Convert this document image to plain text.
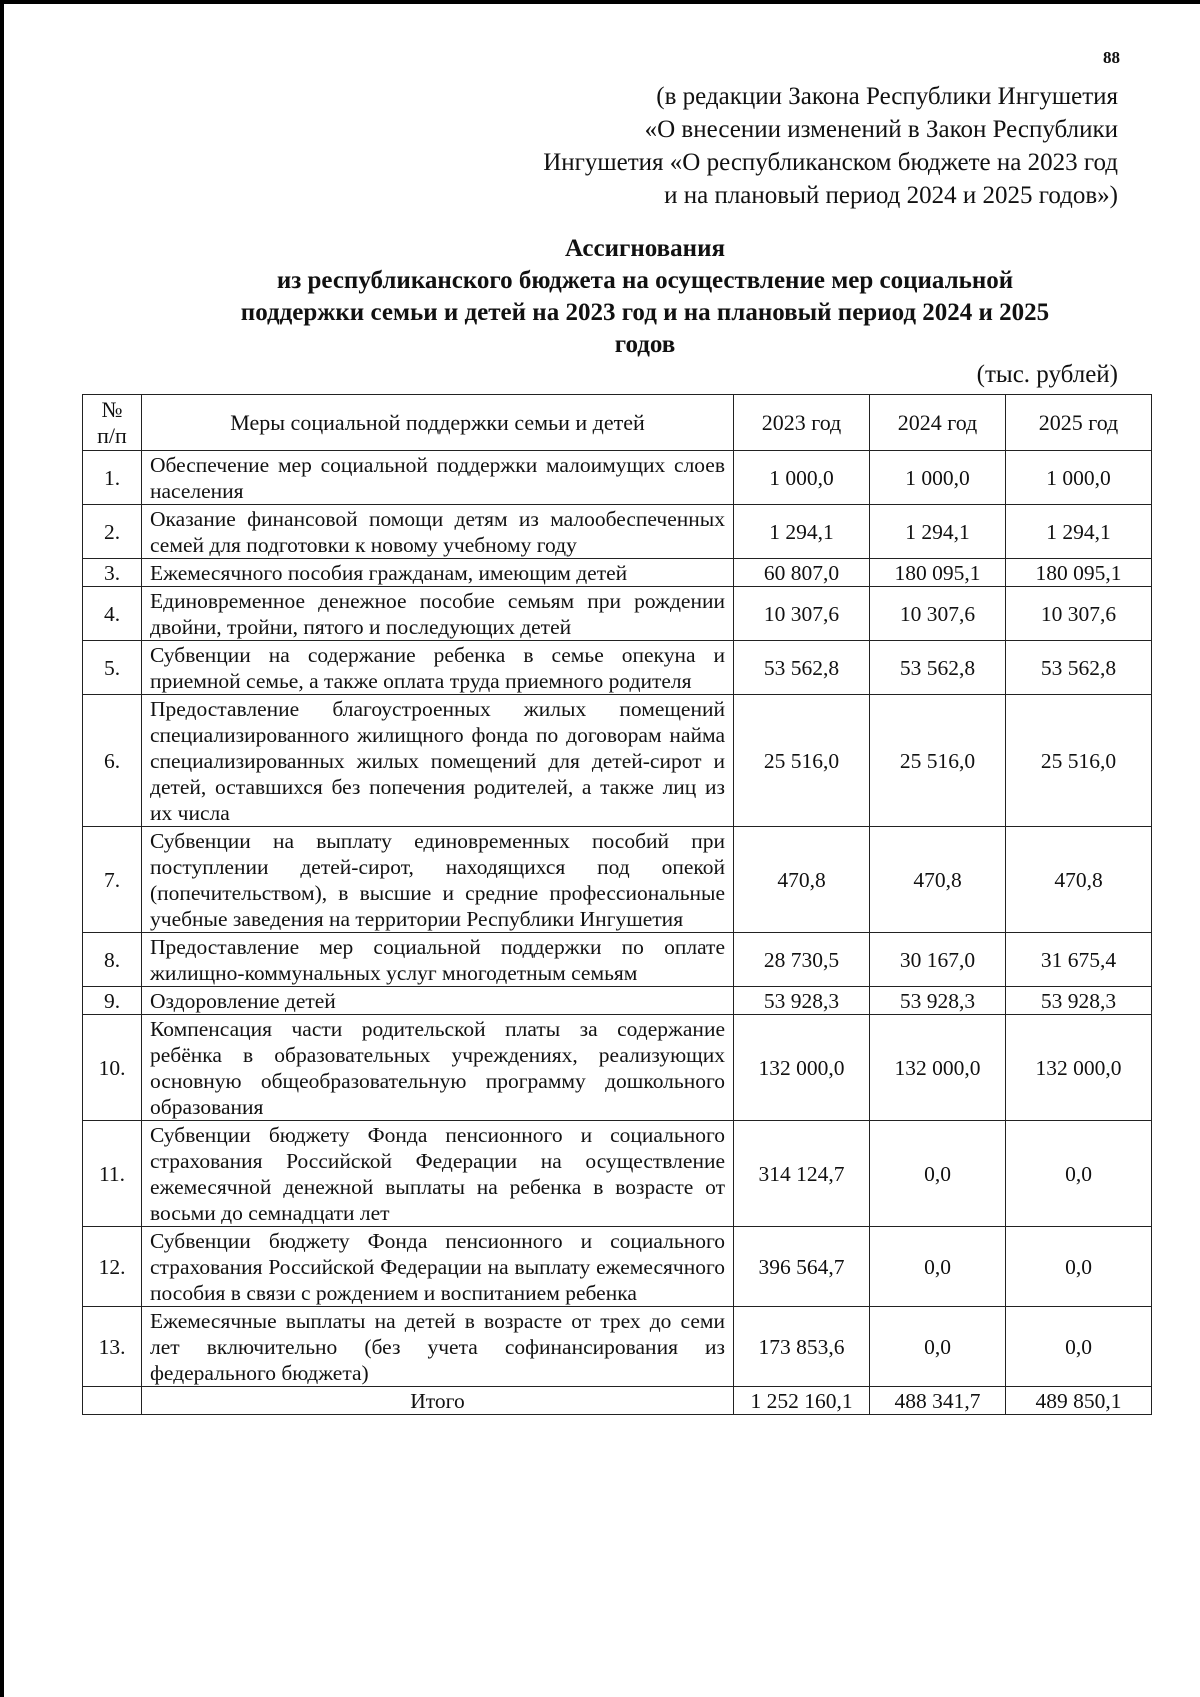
88
(в редакции Закона Республики Ингушетия
«О внесении изменений в Закон Республики
Ингушетия «О республиканском бюджете на 2023 год
и на плановый период 2024 и 2025 годов»)
Ассигнования
из республиканского бюджета на осуществление мер социальной
поддержки семьи и детей на 2023 год и на плановый период 2024 и 2025
годов
(тыс. рублей)
№ п/п	Меры социальной поддержки семьи и детей	2023 год	2024 год	2025 год
1.	Обеспечение мер социальной поддержки малоимущих слоев населения	1 000,0	1 000,0	1 000,0
2.	Оказание финансовой помощи детям из малообеспеченных семей для подготовки к новому учебному году	1 294,1	1 294,1	1 294,1
3.	Ежемесячного пособия гражданам, имеющим детей	60 807,0	180 095,1	180 095,1
4.	Единовременное денежное пособие семьям при рождении двойни, тройни, пятого и последующих детей	10 307,6	10 307,6	10 307,6
5.	Субвенции на содержание ребенка в семье опекуна и приемной семье, а также оплата труда приемного родителя	53 562,8	53 562,8	53 562,8
6.	Предоставление благоустроенных жилых помещений специализированного жилищного фонда по договорам найма специализированных жилых помещений для детей-сирот и детей, оставшихся без попечения родителей, а также лиц из их числа	25 516,0	25 516,0	25 516,0
7.	Субвенции на выплату единовременных пособий при поступлении детей-сирот, находящихся под опекой (попечительством), в высшие и средние профессиональные учебные заведения на территории Республики Ингушетия	470,8	470,8	470,8
8.	Предоставление мер социальной поддержки по оплате жилищно-коммунальных услуг многодетным семьям	28 730,5	30 167,0	31 675,4
9.	Оздоровление детей	53 928,3	53 928,3	53 928,3
10.	Компенсация части родительской платы за содержание ребёнка в образовательных учреждениях, реализующих основную общеобразовательную программу дошкольного образования	132 000,0	132 000,0	132 000,0
11.	Субвенции бюджету Фонда пенсионного и социального страхования Российской Федерации на осуществление ежемесячной денежной выплаты на ребенка в возрасте от восьми до семнадцати лет	314 124,7	0,0	0,0
12.	Субвенции бюджету Фонда пенсионного и социального страхования Российской Федерации на выплату ежемесячного пособия в связи с рождением и воспитанием ребенка	396 564,7	0,0	0,0
13.	Ежемесячные выплаты на детей в возрасте от трех до семи лет включительно (без учета софинансирования из федерального бюджета)	173 853,6	0,0	0,0
	Итого	1 252 160,1	488 341,7	489 850,1
